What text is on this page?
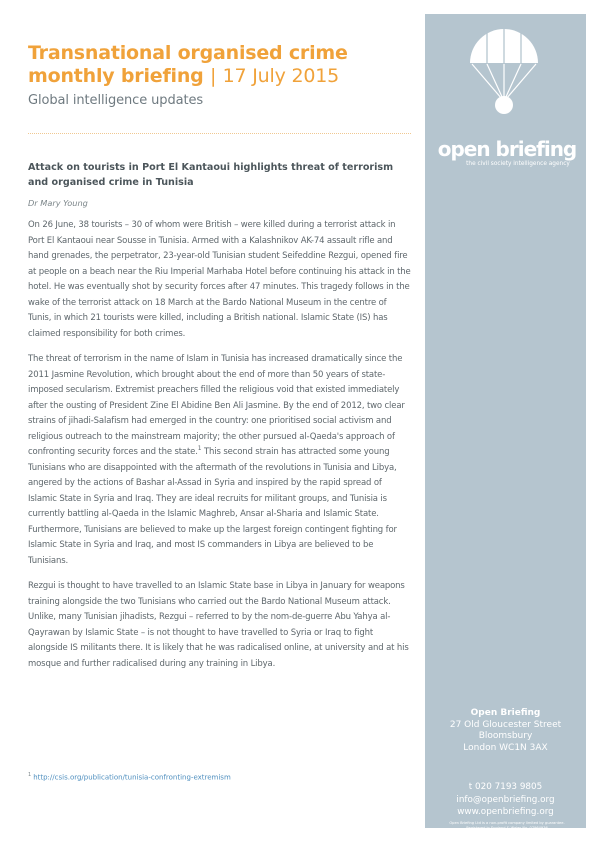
Transnational organised crime
monthly briefing | 17 July 2015
Global intelligence updates

Attack on tourists in Port El Kantaoui highlights threat of terrorism and organised crime in Tunisia

Dr Mary Young

On 26 June, 38 tourists – 30 of whom were British – were killed during a terrorist attack in Port El Kantaoui near Sousse in Tunisia. Armed with a Kalashnikov AK-74 assault rifle and hand grenades, the perpetrator, 23-year-old Tunisian student Seifeddine Rezgui, opened fire at people on a beach near the Riu Imperial Marhaba Hotel before continuing his attack in the hotel. He was eventually shot by security forces after 47 minutes. This tragedy follows in the wake of the terrorist attack on 18 March at the Bardo National Museum in the centre of Tunis, in which 21 tourists were killed, including a British national. Islamic State (IS) has claimed responsibility for both crimes.

The threat of terrorism in the name of Islam in Tunisia has increased dramatically since the 2011 Jasmine Revolution, which brought about the end of more than 50 years of state-imposed secularism. Extremist preachers filled the religious void that existed immediately after the ousting of President Zine El Abidine Ben Ali Jasmine. By the end of 2012, two clear strains of jihadi-Salafism had emerged in the country: one prioritised social activism and religious outreach to the mainstream majority; the other pursued al-Qaeda's approach of confronting security forces and the state.$^1$ This second strain has attracted some young Tunisians who are disappointed with the aftermath of the revolutions in Tunisia and Libya, angered by the actions of Bashar al-Assad in Syria and inspired by the rapid spread of Islamic State in Syria and Iraq. They are ideal recruits for militant groups, and Tunisia is currently battling al-Qaeda in the Islamic Maghreb, Ansar al-Sharia and Islamic State. Furthermore, Tunisians are believed to make up the largest foreign contingent fighting for Islamic State in Syria and Iraq, and most IS commanders in Libya are believed to be Tunisians.

Rezgui is thought to have travelled to an Islamic State base in Libya in January for weapons training alongside the two Tunisians who carried out the Bardo National Museum attack. Unlike, many Tunisian jihadists, Rezgui – referred to by the nom-de-guerre Abu Yahya al-Qayrawan by Islamic State – is not thought to have travelled to Syria or Iraq to fight alongside IS militants there. It is likely that he was radicalised online, at university and at his mosque and further radicalised during any training in Libya.

$^1$ http://csis.org/publication/tunisia-confronting-extremism
open briefing
the civil society intelligence agency
Open Briefing
27 Old Gloucester Street
Bloomsbury
London WC1N 3AX
t 020 7193 9805
info@openbriefing.org
www.openbriefing.org
Open Briefing Ltd is a non-profit company limited by guarantee.
Registered in England & Wales No. 07964936
